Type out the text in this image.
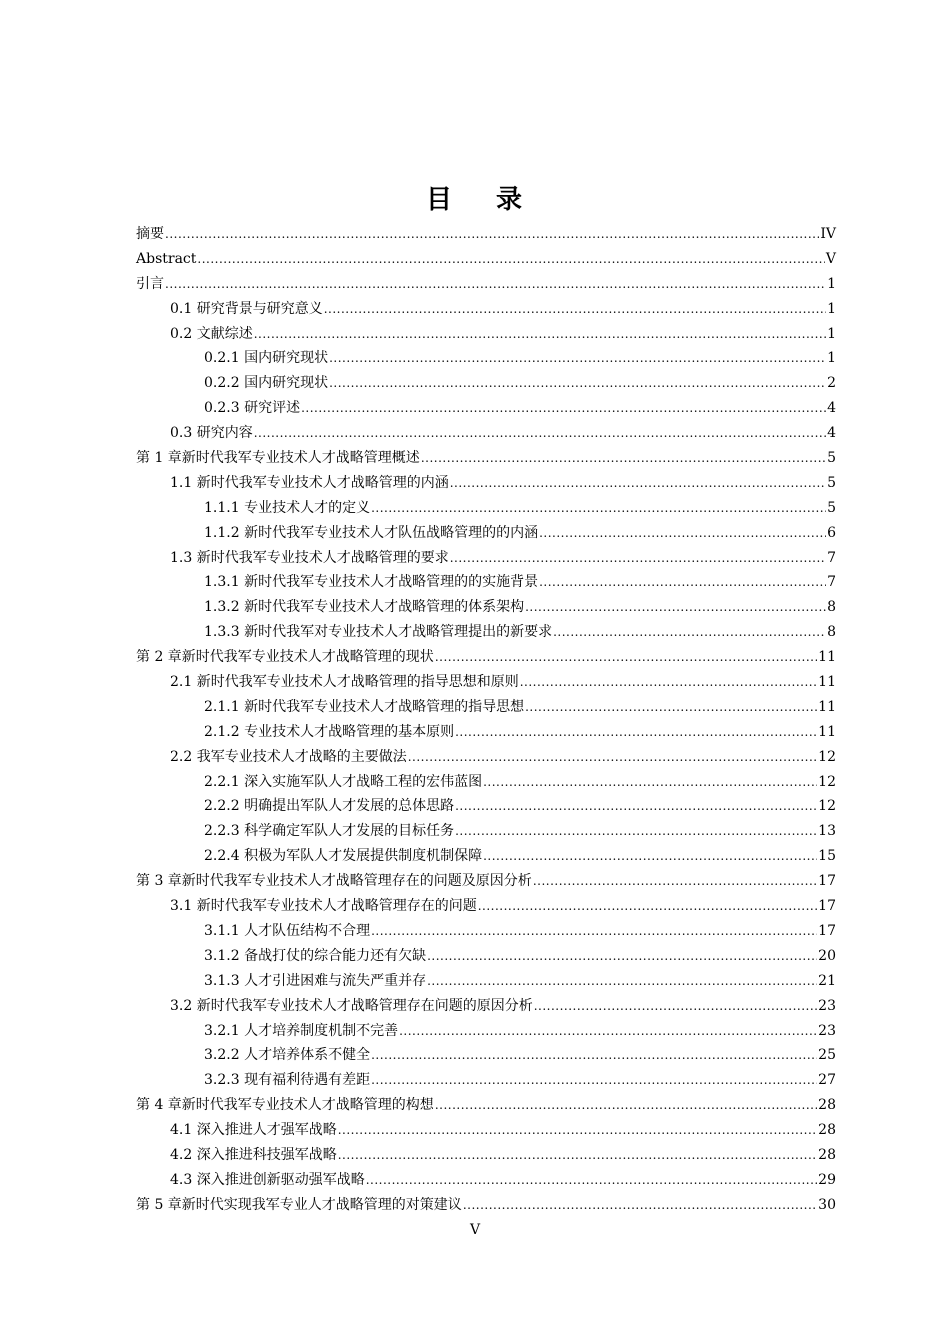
目 录
摘要 .....	IV
Abstract .....	V
引言 .....	1
0.1 研究背景与研究意义 .....	1
0.2 文献综述 .....	1
0.2.1 国内研究现状 .....	1
0.2.2 国内研究现状 .....	2
0.2.3 研究评述 .....	4
0.3 研究内容 .....	4
第 1 章新时代我军专业技术人才战略管理概述 .....	5
1.1 新时代我军专业技术人才战略管理的内涵 .....	5
1.1.1 专业技术人才的定义 .....	5
1.1.2 新时代我军专业技术人才队伍战略管理的的内涵 .....	6
1.3 新时代我军专业技术人才战略管理的要求 .....	7
1.3.1 新时代我军专业技术人才战略管理的的实施背景 .....	7
1.3.2 新时代我军专业技术人才战略管理的体系架构 .....	8
1.3.3 新时代我军对专业技术人才战略管理提出的新要求 .....	8
第 2 章新时代我军专业技术人才战略管理的现状 .....	11
2.1 新时代我军专业技术人才战略管理的指导思想和原则 .....	11
2.1.1 新时代我军专业技术人才战略管理的指导思想 .....	11
2.1.2 专业技术人才战略管理的基本原则 .....	11
2.2 我军专业技术人才战略的主要做法 .....	12
2.2.1 深入实施军队人才战略工程的宏伟蓝图 .....	12
2.2.2 明确提出军队人才发展的总体思路 .....	12
2.2.3 科学确定军队人才发展的目标任务 .....	13
2.2.4 积极为军队人才发展提供制度机制保障 .....	15
第 3 章新时代我军专业技术人才战略管理存在的问题及原因分析 .....	17
3.1 新时代我军专业技术人才战略管理存在的问题 .....	17
3.1.1 人才队伍结构不合理 .....	17
3.1.2 备战打仗的综合能力还有欠缺 .....	20
3.1.3 人才引进困难与流失严重并存 .....	21
3.2 新时代我军专业技术人才战略管理存在问题的原因分析 .....	23
3.2.1 人才培养制度机制不完善 .....	23
3.2.2 人才培养体系不健全 .....	25
3.2.3 现有福利待遇有差距 .....	27
第 4 章新时代我军专业技术人才战略管理的构想 .....	28
4.1 深入推进人才强军战略 .....	28
4.2 深入推进科技强军战略 .....	28
4.3 深入推进创新驱动强军战略 .....	29
第 5 章新时代实现我军专业人才战略管理的对策建议 .....	30
V
